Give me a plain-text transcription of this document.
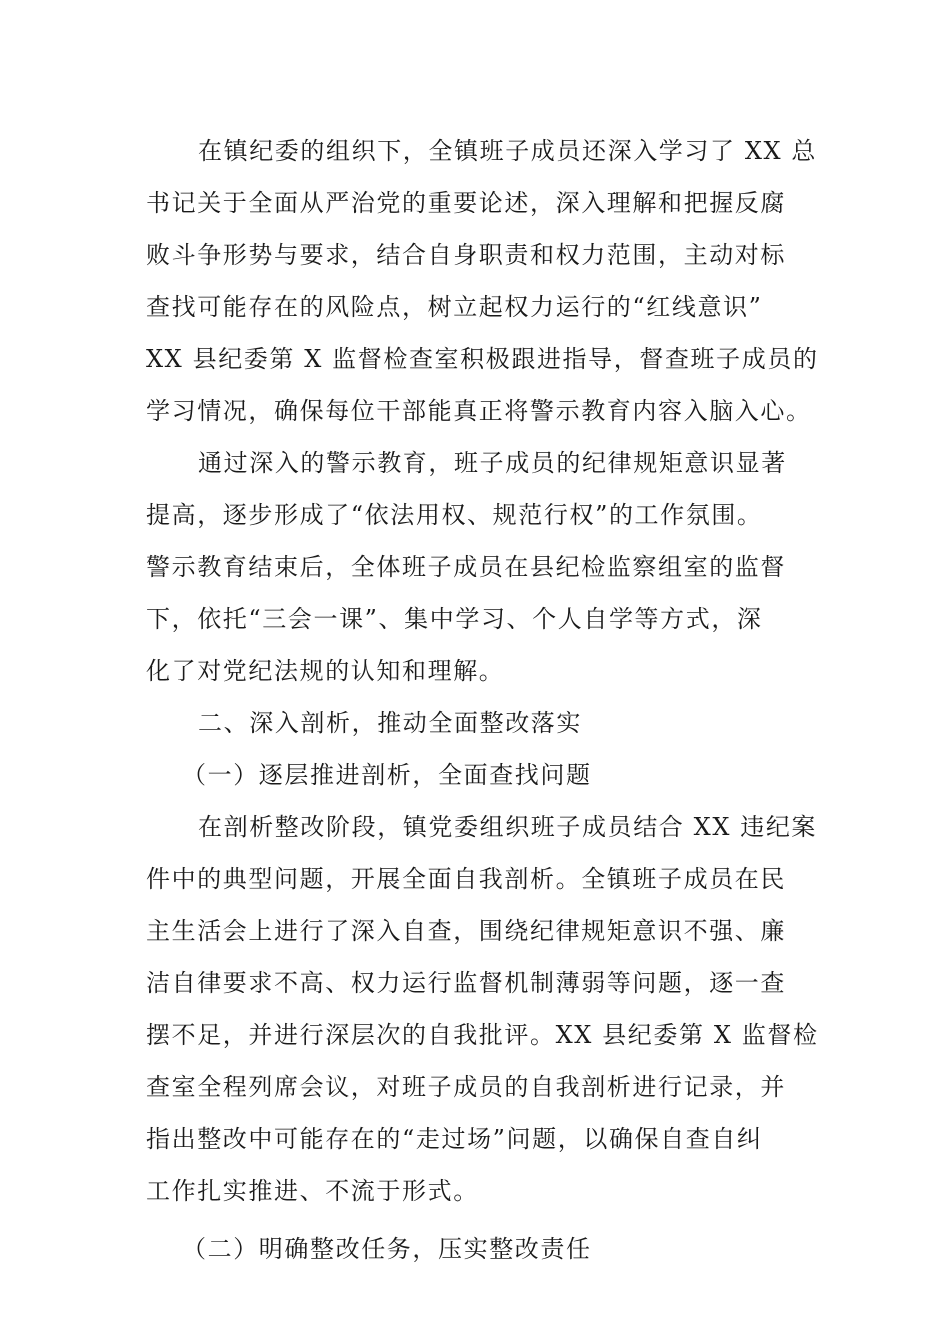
在镇纪委的组织下，全镇班子成员还深入学习了 XX 总
书记关于全面从严治党的重要论述，深入理解和把握反腐
败斗争形势与要求，结合自身职责和权力范围，主动对标
查找可能存在的风险点，树立起权力运行的“红线意识”
XX 县纪委第 X 监督检查室积极跟进指导，督查班子成员的
学习情况，确保每位干部能真正将警示教育内容入脑入心。
通过深入的警示教育，班子成员的纪律规矩意识显著
提高，逐步形成了“依法用权、规范行权”的工作氛围。
警示教育结束后，全体班子成员在县纪检监察组室的监督
下，依托“三会一课”、集中学习、个人自学等方式，深
化了对党纪法规的认知和理解。
二、深入剖析，推动全面整改落实
（一）逐层推进剖析，全面查找问题
在剖析整改阶段，镇党委组织班子成员结合 XX 违纪案
件中的典型问题，开展全面自我剖析。全镇班子成员在民
主生活会上进行了深入自查，围绕纪律规矩意识不强、廉
洁自律要求不高、权力运行监督机制薄弱等问题，逐一查
摆不足，并进行深层次的自我批评。XX 县纪委第 X 监督检
查室全程列席会议，对班子成员的自我剖析进行记录，并
指出整改中可能存在的“走过场”问题，以确保自查自纠
工作扎实推进、不流于形式。
（二）明确整改任务，压实整改责任
